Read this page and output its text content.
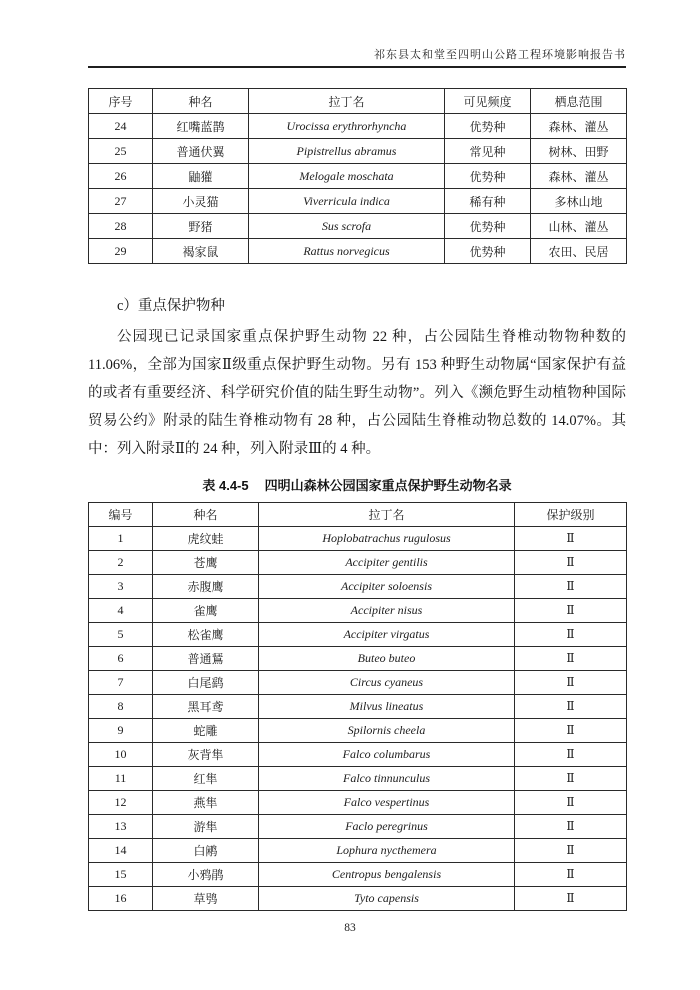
祁东县太和堂至四明山公路工程环境影响报告书
序号	种名	拉丁名	可见频度	栖息范围
24	红嘴蓝鹊	Urocissa erythrorhyncha	优势种	森林、灌丛
25	普通伏翼	Pipistrellus abramus	常见种	树林、田野
26	鼬獾	Melogale moschata	优势种	森林、灌丛
27	小灵猫	Viverricula indica	稀有种	多林山地
28	野猪	Sus scrofa	优势种	山林、灌丛
29	褐家鼠	Rattus norvegicus	优势种	农田、民居

c）重点保护物种

公园现已记录国家重点保护野生动物 22 种，占公园陆生脊椎动物物种数的 11.06%，全部为国家Ⅱ级重点保护野生动物。另有 153 种野生动物属“国家保护有益的或者有重要经济、科学研究价值的陆生野生动物”。列入《濒危野生动植物种国际贸易公约》附录的陆生脊椎动物有 28 种，占公园陆生脊椎动物总数的 14.07%。其中：列入附录Ⅱ的 24 种，列入附录Ⅲ的 4 种。

表 4.4-5 四明山森林公园国家重点保护野生动物名录

编号	种名	拉丁名	保护级别
1	虎纹蛙	Hoplobatrachus rugulosus	Ⅱ
2	苍鹰	Accipiter gentilis	Ⅱ
3	赤腹鹰	Accipiter soloensis	Ⅱ
4	雀鹰	Accipiter nisus	Ⅱ
5	松雀鹰	Accipiter virgatus	Ⅱ
6	普通鵟	Buteo buteo	Ⅱ
7	白尾鹞	Circus cyaneus	Ⅱ
8	黑耳鸢	Milvus lineatus	Ⅱ
9	蛇雕	Spilornis cheela	Ⅱ
10	灰背隼	Falco columbarus	Ⅱ
11	红隼	Falco tinnunculus	Ⅱ
12	燕隼	Falco vespertinus	Ⅱ
13	游隼	Faclo peregrinus	Ⅱ
14	白鹇	Lophura nycthemera	Ⅱ
15	小鸦鹃	Centropus bengalensis	Ⅱ
16	草鸮	Tyto capensis	Ⅱ
83
